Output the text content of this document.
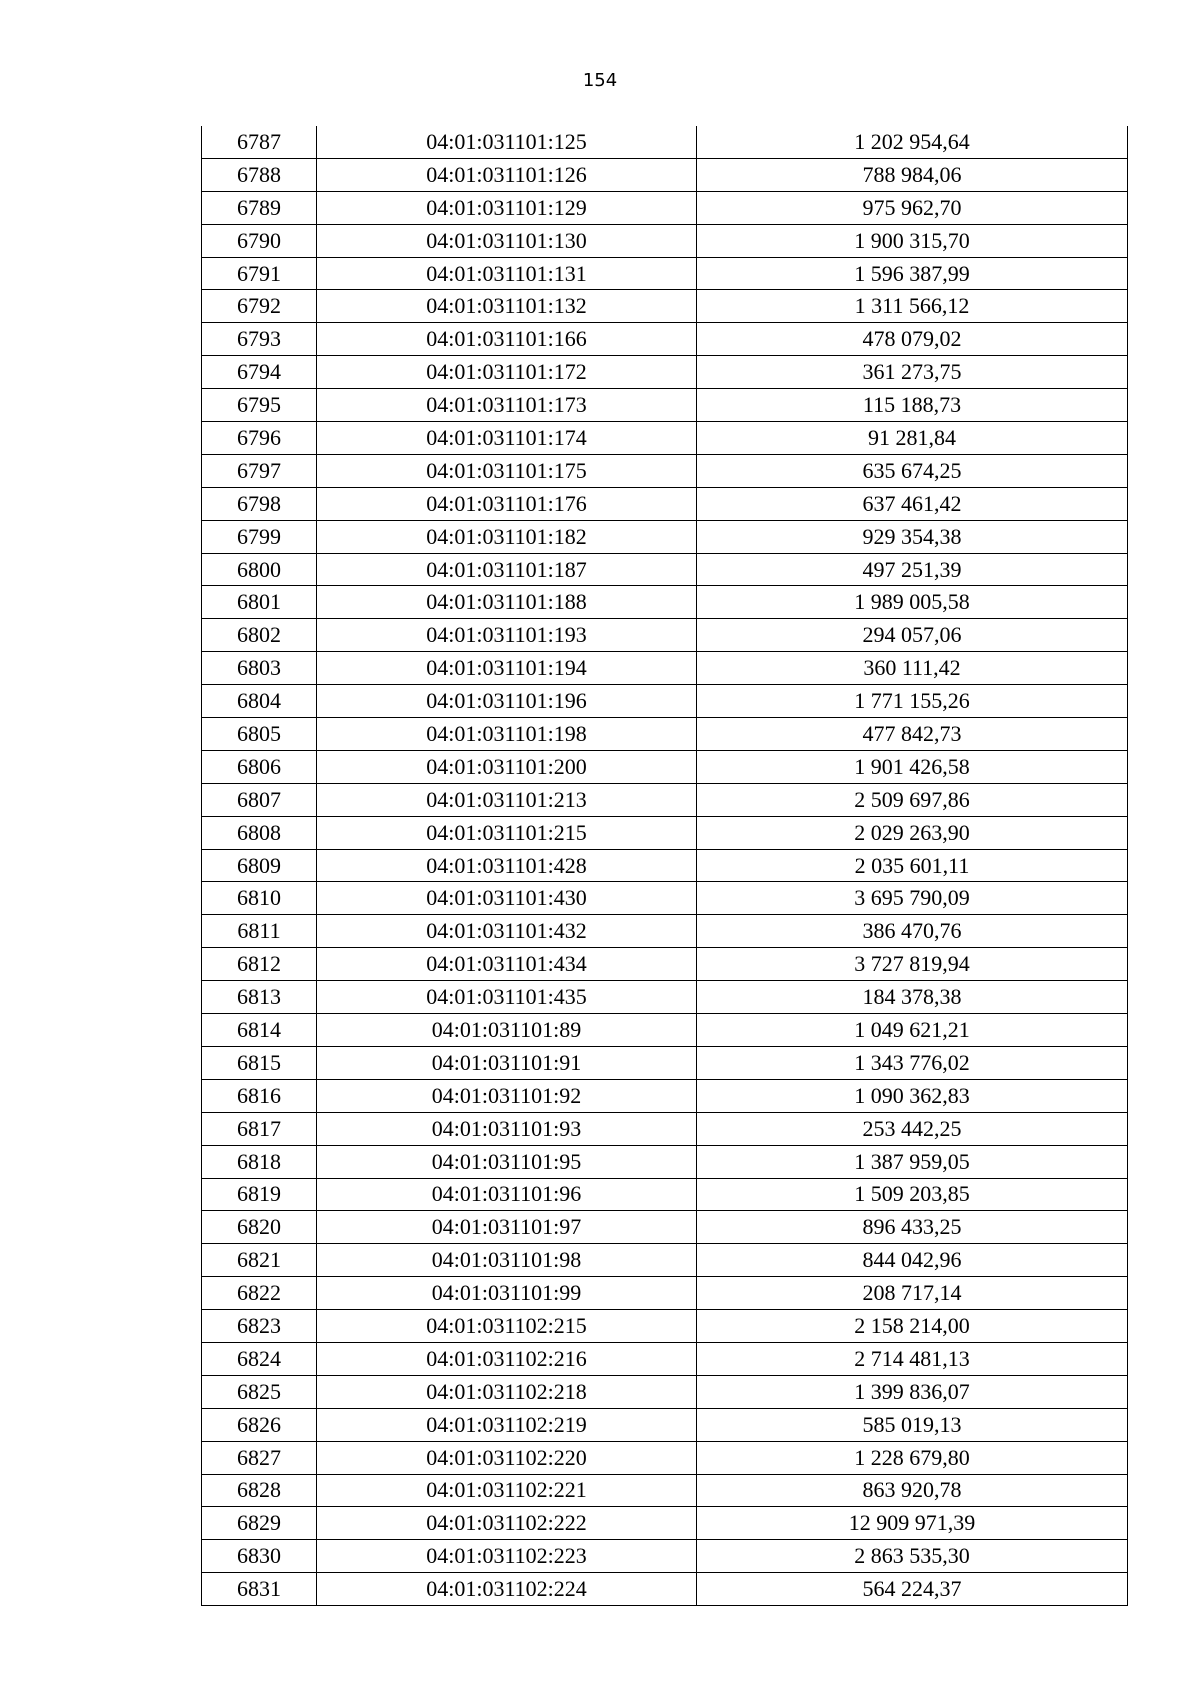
154
6787	04:01:031101:125	1 202 954,64
6788	04:01:031101:126	788 984,06
6789	04:01:031101:129	975 962,70
6790	04:01:031101:130	1 900 315,70
6791	04:01:031101:131	1 596 387,99
6792	04:01:031101:132	1 311 566,12
6793	04:01:031101:166	478 079,02
6794	04:01:031101:172	361 273,75
6795	04:01:031101:173	115 188,73
6796	04:01:031101:174	91 281,84
6797	04:01:031101:175	635 674,25
6798	04:01:031101:176	637 461,42
6799	04:01:031101:182	929 354,38
6800	04:01:031101:187	497 251,39
6801	04:01:031101:188	1 989 005,58
6802	04:01:031101:193	294 057,06
6803	04:01:031101:194	360 111,42
6804	04:01:031101:196	1 771 155,26
6805	04:01:031101:198	477 842,73
6806	04:01:031101:200	1 901 426,58
6807	04:01:031101:213	2 509 697,86
6808	04:01:031101:215	2 029 263,90
6809	04:01:031101:428	2 035 601,11
6810	04:01:031101:430	3 695 790,09
6811	04:01:031101:432	386 470,76
6812	04:01:031101:434	3 727 819,94
6813	04:01:031101:435	184 378,38
6814	04:01:031101:89	1 049 621,21
6815	04:01:031101:91	1 343 776,02
6816	04:01:031101:92	1 090 362,83
6817	04:01:031101:93	253 442,25
6818	04:01:031101:95	1 387 959,05
6819	04:01:031101:96	1 509 203,85
6820	04:01:031101:97	896 433,25
6821	04:01:031101:98	844 042,96
6822	04:01:031101:99	208 717,14
6823	04:01:031102:215	2 158 214,00
6824	04:01:031102:216	2 714 481,13
6825	04:01:031102:218	1 399 836,07
6826	04:01:031102:219	585 019,13
6827	04:01:031102:220	1 228 679,80
6828	04:01:031102:221	863 920,78
6829	04:01:031102:222	12 909 971,39
6830	04:01:031102:223	2 863 535,30
6831	04:01:031102:224	564 224,37
